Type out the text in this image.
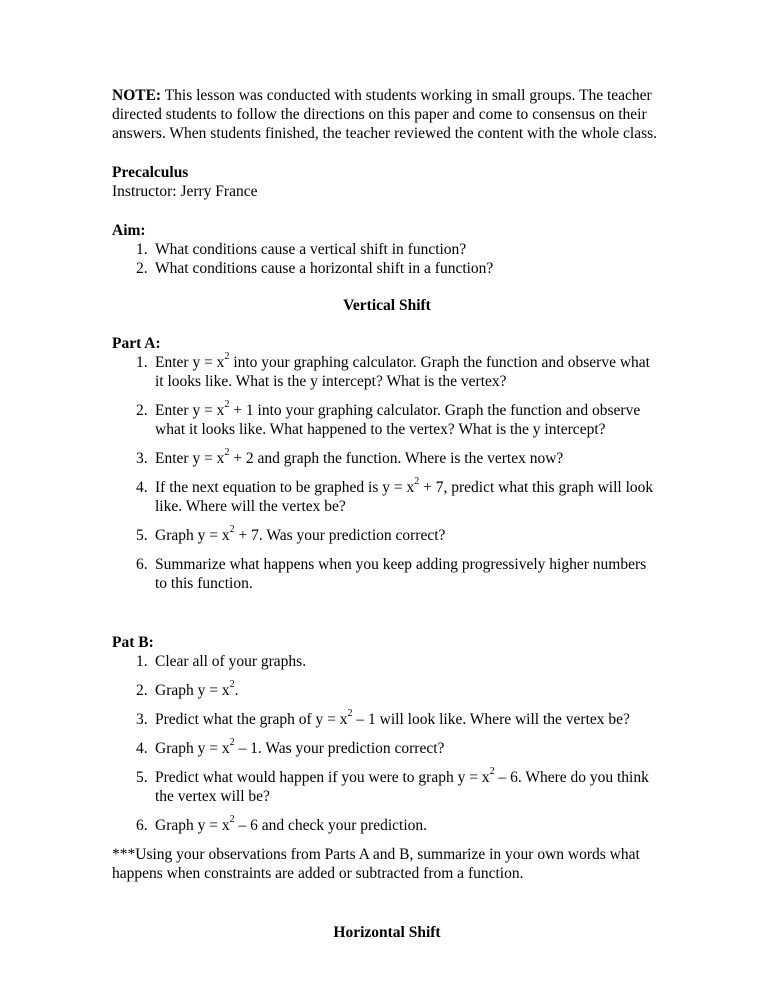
NOTE: This lesson was conducted with students working in small groups. The teacher directed students to follow the directions on this paper and come to consensus on their answers. When students finished, the teacher reviewed the content with the whole class.

Precalculus

Instructor: Jerry France

Aim:

1. What conditions cause a vertical shift in function?
2. What conditions cause a horizontal shift in a function?

Vertical Shift

Part A:

1. Enter $y = x^2$ into your graphing calculator. Graph the function and observe what it looks like. What is the y intercept? What is the vertex?
2. Enter $y = x^2 + 1$ into your graphing calculator. Graph the function and observe what it looks like. What happened to the vertex? What is the y intercept?
3. Enter $y = x^2 + 2$ and graph the function. Where is the vertex now?
4. If the next equation to be graphed is $y = x^2 + 7$, predict what this graph will look like. Where will the vertex be?
5. Graph $y = x^2 + 7$. Was your prediction correct?
6. Summarize what happens when you keep adding progressively higher numbers to this function.

Pat B:

1. Clear all of your graphs.
2. Graph $y = x^2$.
3. Predict what the graph of $y = x^2 - 1$ will look like. Where will the vertex be?
4. Graph $y = x^2 - 1$. Was your prediction correct?
5. Predict what would happen if you were to graph $y = x^2 - 6$. Where do you think the vertex will be?
6. Graph $y = x^2 - 6$ and check your prediction.

***Using your observations from Parts A and B, summarize in your own words what happens when constraints are added or subtracted from a function.

Horizontal Shift
